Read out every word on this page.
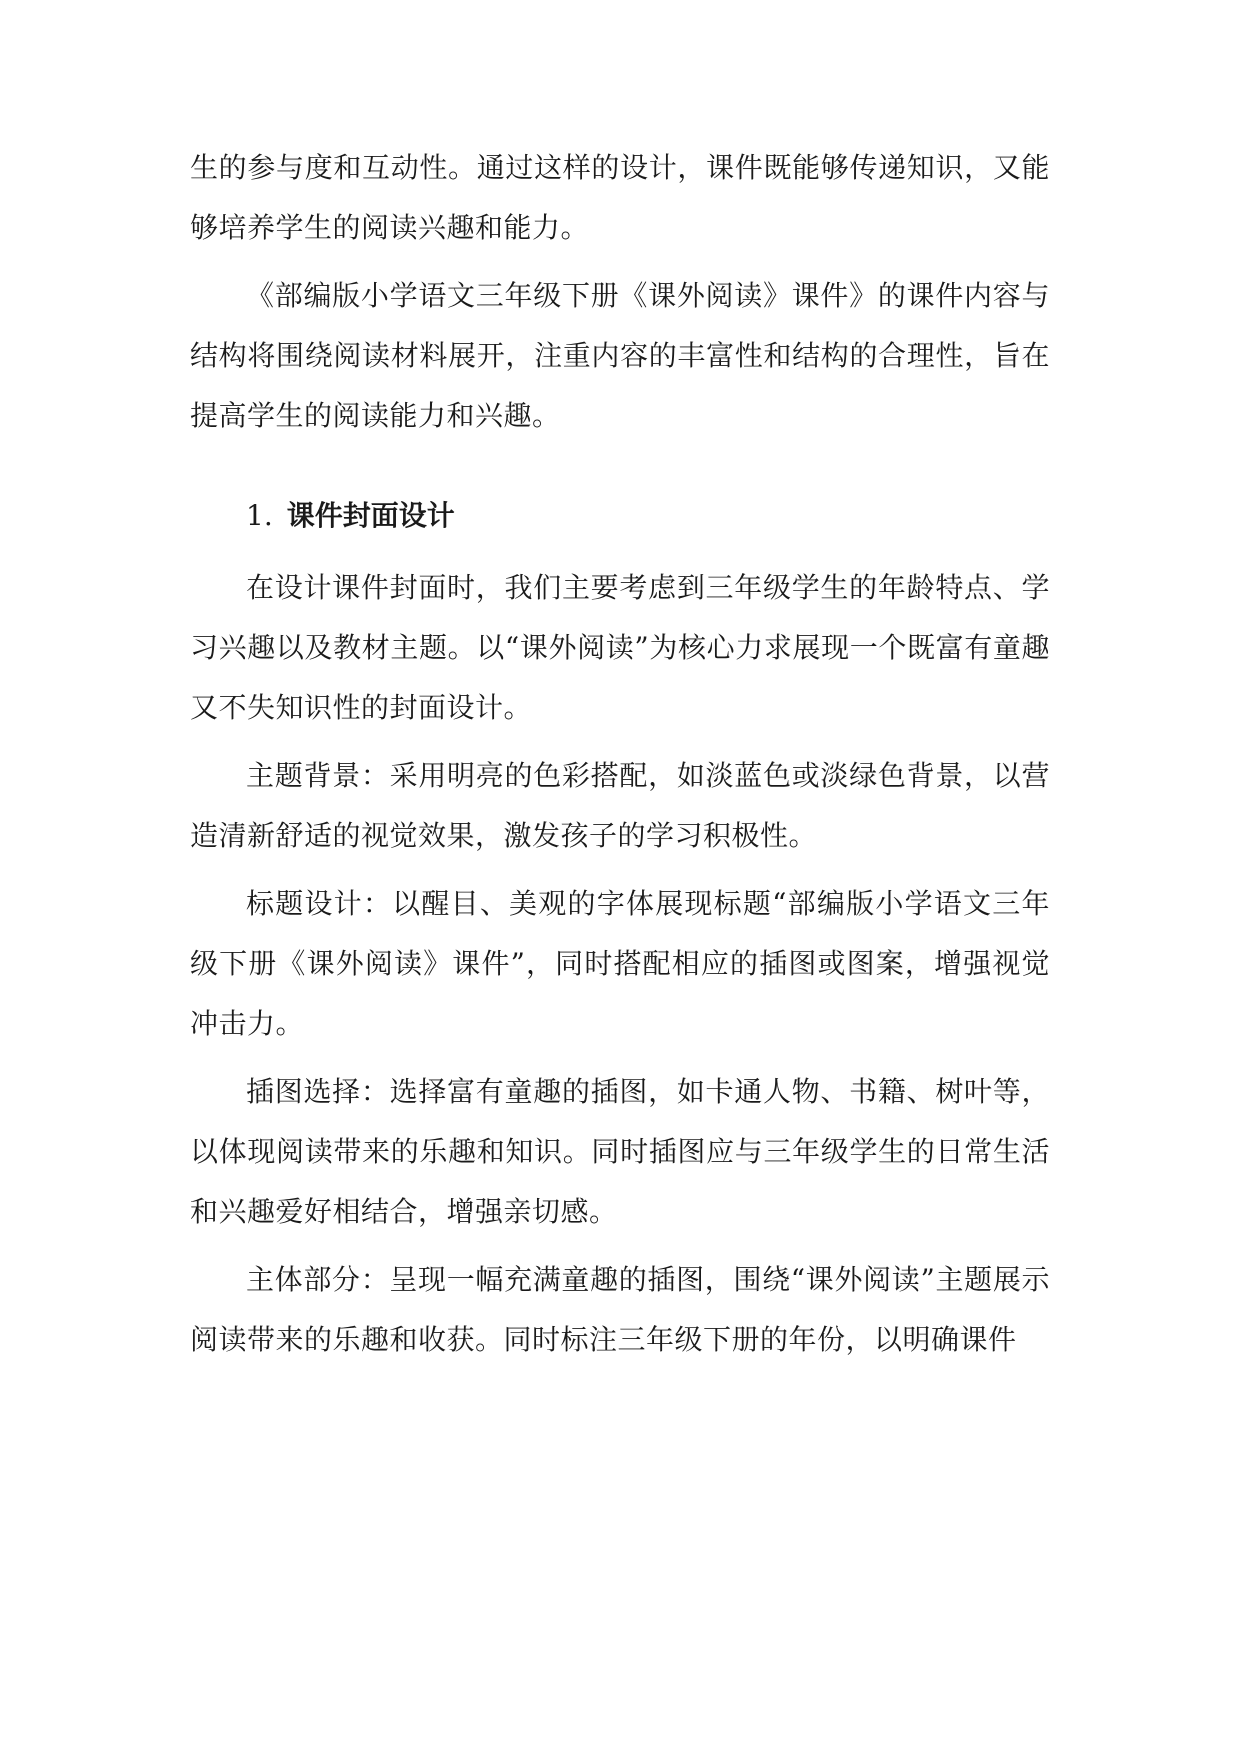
生的参与度和互动性。通过这样的设计，课件既能够传递知识，又能够培养学生的阅读兴趣和能力。

《部编版小学语文三年级下册《课外阅读》课件》的课件内容与结构将围绕阅读材料展开，注重内容的丰富性和结构的合理性，旨在提高学生的阅读能力和兴趣。

1. 课件封面设计

在设计课件封面时，我们主要考虑到三年级学生的年龄特点、学习兴趣以及教材主题。以“课外阅读”为核心力求展现一个既富有童趣又不失知识性的封面设计。

主题背景：采用明亮的色彩搭配，如淡蓝色或淡绿色背景，以营造清新舒适的视觉效果，激发孩子的学习积极性。

标题设计：以醒目、美观的字体展现标题“部编版小学语文三年级下册《课外阅读》课件”，同时搭配相应的插图或图案，增强视觉冲击力。

插图选择：选择富有童趣的插图，如卡通人物、书籍、树叶等，以体现阅读带来的乐趣和知识。同时插图应与三年级学生的日常生活和兴趣爱好相结合，增强亲切感。

主体部分：呈现一幅充满童趣的插图，围绕“课外阅读”主题展示阅读带来的乐趣和收获。同时标注三年级下册的年份，以明确课件
